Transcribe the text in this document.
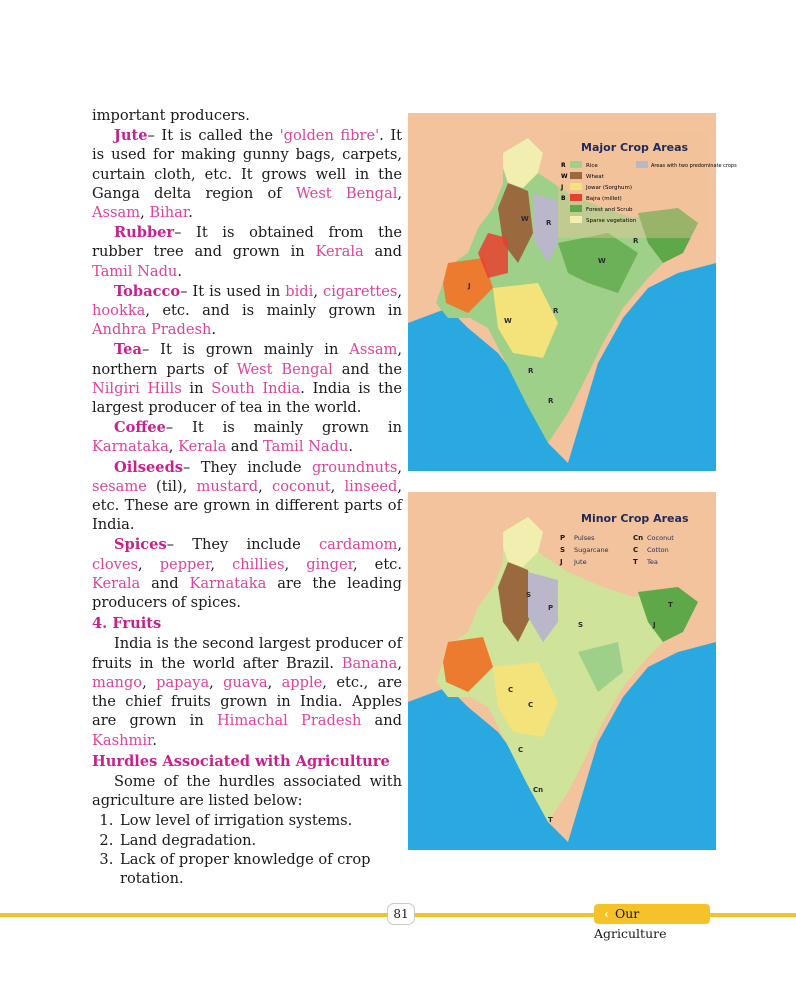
important producers.

Jute– It is called the 'golden fibre'. It is used for making gunny bags, carpets, curtain cloth, etc. It grows well in the Ganga delta region of West Bengal, Assam, Bihar.

Rubber– It is obtained from the rubber tree and grown in Kerala and Tamil Nadu.

Tobacco– It is used in bidi, cigarettes, hookka, etc. and is mainly grown in Andhra Pradesh.

Tea– It is grown mainly in Assam, northern parts of West Bengal and the Nilgiri Hills in South India. India is the largest producer of tea in the world.

Coffee– It is mainly grown in Karnataka, Kerala and Tamil Nadu.

Oilseeds– They include groundnuts, sesame (til), mustard, coconut, linseed, etc. These are grown in different parts of India.

Spices– They include cardamom, cloves, pepper, chillies, ginger, etc. Kerala and Karnataka are the leading producers of spices.

4. Fruits

India is the second largest producer of fruits in the world after Brazil. Banana, mango, papaya, guava, apple, etc., are the chief fruits grown in India. Apples are grown in Himachal Pradesh and Kashmir.

Hurdles Associated with Agriculture

Some of the hurdles associated with agriculture are listed below:

1. Low level of irrigation systems.
2. Land degradation.
3. Lack of proper knowledge of crop rotation.
W R
J
W
R
W
R
R
R
Major Crop Areas
R	Rice
W	Wheat
J	Jowar (Sorghum)
B	Bajra (millet)
Forest and Scrub
Sparse vegetation
Areas with two predominate crops
S
P
S
T
J
C
C
C
Cn
T
Minor Crop Areas
P Pulses	Cn Coconut
S Sugarcane	C Cotton
J Jute	T Tea
81	‹ Our Agriculture
